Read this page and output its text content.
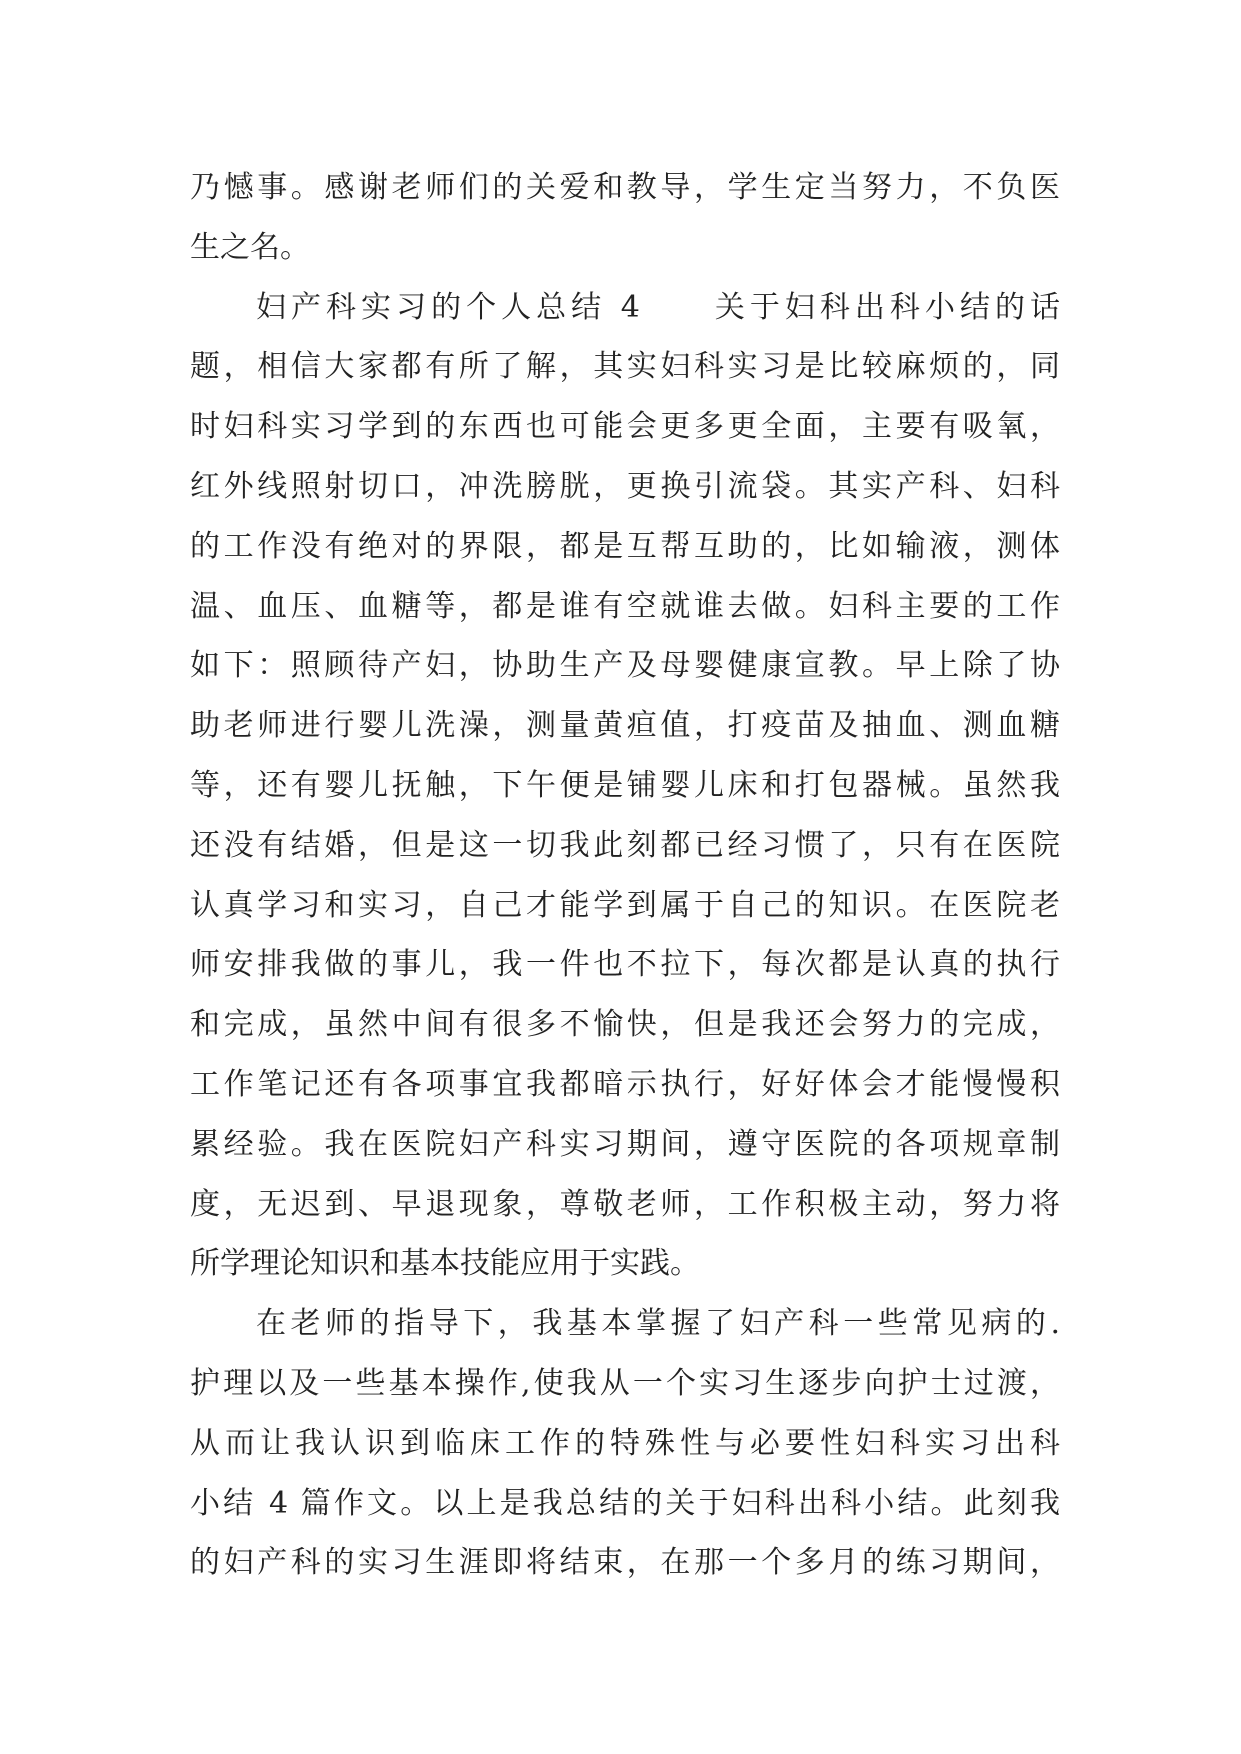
乃憾事。感谢老师们的关爱和教导，学生定当努力，不负医
生之名。
妇产科实习的个人总结 4　　关于妇科出科小结的话
题，相信大家都有所了解，其实妇科实习是比较麻烦的，同
时妇科实习学到的东西也可能会更多更全面，主要有吸氧，
红外线照射切口，冲洗膀胱，更换引流袋。其实产科、妇科
的工作没有绝对的界限，都是互帮互助的，比如输液，测体
温、血压、血糖等，都是谁有空就谁去做。妇科主要的工作
如下：照顾待产妇，协助生产及母婴健康宣教。早上除了协
助老师进行婴儿洗澡，测量黄疸值，打疫苗及抽血、测血糖
等，还有婴儿抚触，下午便是铺婴儿床和打包器械。虽然我
还没有结婚，但是这一切我此刻都已经习惯了，只有在医院
认真学习和实习，自己才能学到属于自己的知识。在医院老
师安排我做的事儿，我一件也不拉下，每次都是认真的执行
和完成，虽然中间有很多不愉快，但是我还会努力的完成，
工作笔记还有各项事宜我都暗示执行，好好体会才能慢慢积
累经验。我在医院妇产科实习期间，遵守医院的各项规章制
度，无迟到、早退现象，尊敬老师，工作积极主动，努力将
所学理论知识和基本技能应用于实践。
在老师的指导下，我基本掌握了妇产科一些常见病的.
护理以及一些基本操作,使我从一个实习生逐步向护士过渡，
从而让我认识到临床工作的特殊性与必要性妇科实习出科
小结 4 篇作文。以上是我总结的关于妇科出科小结。此刻我
的妇产科的实习生涯即将结束，在那一个多月的练习期间，
